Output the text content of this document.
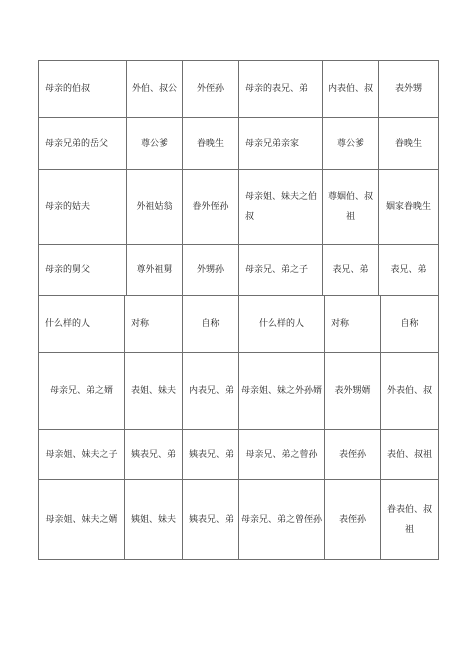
母亲的伯叔	外伯、叔公	外侄孙	母亲的表兄、弟	内表伯、叔	表外甥
母亲兄弟的岳父	尊公爹	眷晚生	母亲兄弟亲家	尊公爹	眷晚生
母亲的姑夫	外祖姑翁	眷外侄孙	母亲姐、妹夫之伯叔	尊姻伯、叔祖	姻家眷晚生
母亲的舅父	尊外祖舅	外甥孙	母亲兄、弟之子	表兄、弟	表兄、弟
什么样的人	对称	自称	什么样的人	对称	自称
母亲兄、弟之婿	表姐、妹夫	内表兄、弟	母亲姐、妹之外孙婿	表外甥婿	外表伯、叔
母亲姐、妹夫之子	姨表兄、弟	姨表兄、弟	母亲兄、弟之曾孙	表侄孙	表伯、叔祖
母亲姐、妹夫之婿	姨姐、妹夫	姨表兄、弟	母亲兄、弟之曾侄孙	表侄孙	眷表伯、叔祖
